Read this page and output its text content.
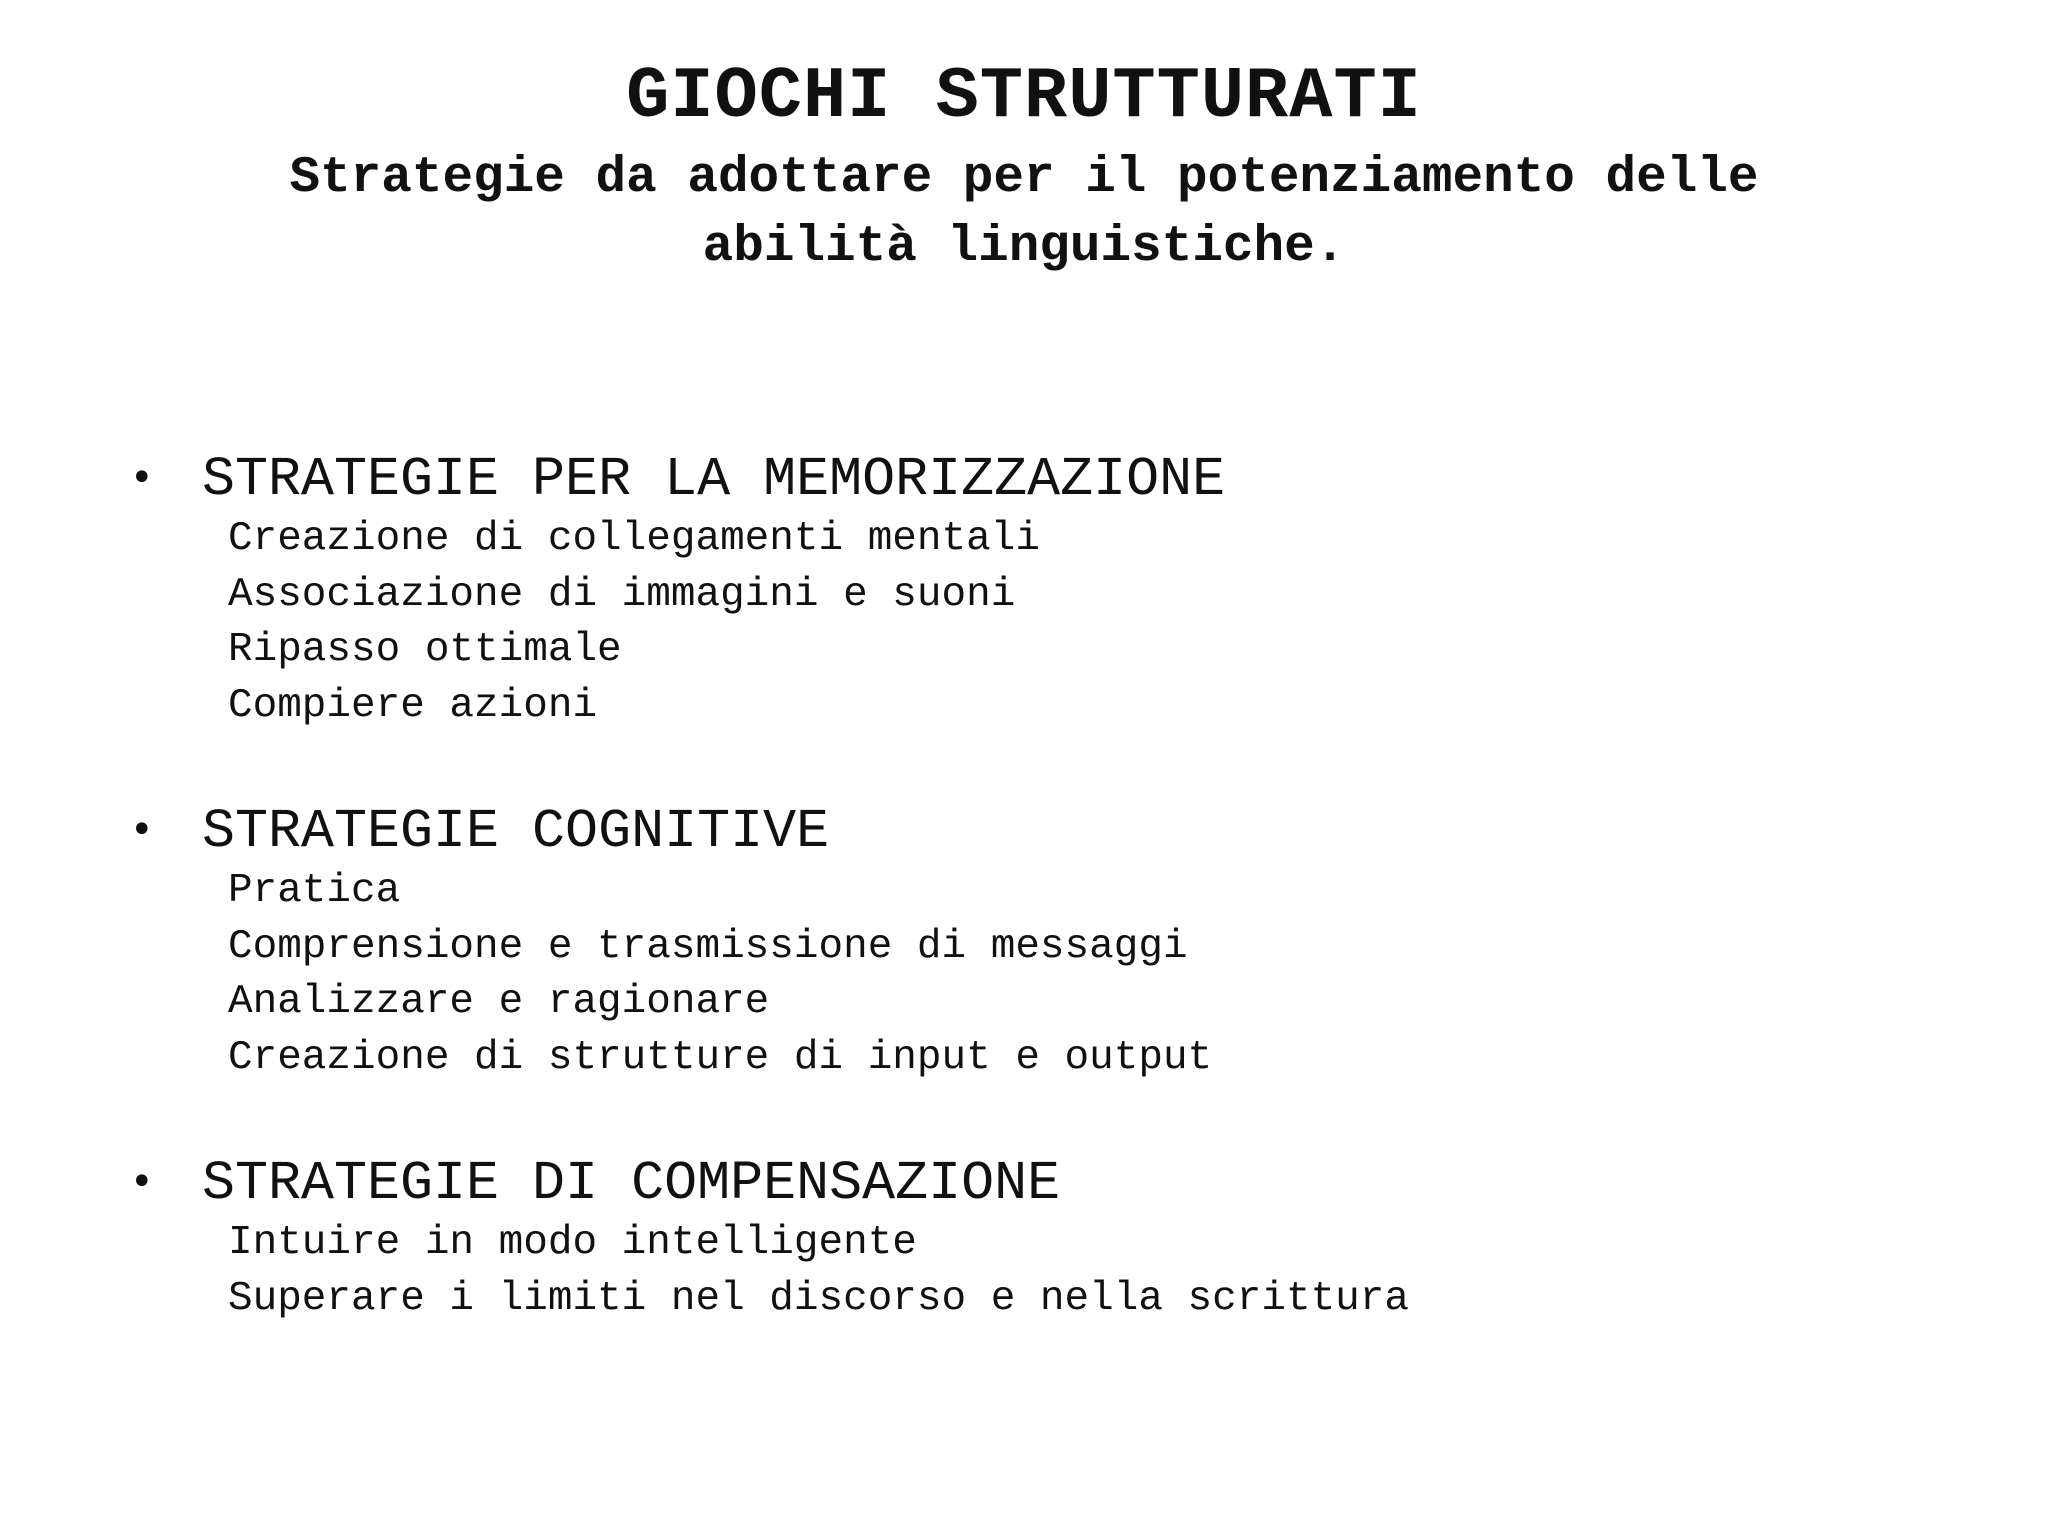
GIOCHI STRUTTURATI
Strategie da adottare per il potenziamento delle abilità linguistiche.
• STRATEGIE PER LA MEMORIZZAZIONE
Creazione di collegamenti mentali
Associazione di immagini e suoni
Ripasso ottimale
Compiere azioni
• STRATEGIE COGNITIVE
Pratica
Comprensione e trasmissione di messaggi
Analizzare e ragionare
Creazione di strutture di input e output
• STRATEGIE DI COMPENSAZIONE
Intuire in modo intelligente
Superare i limiti nel discorso e nella scrittura
